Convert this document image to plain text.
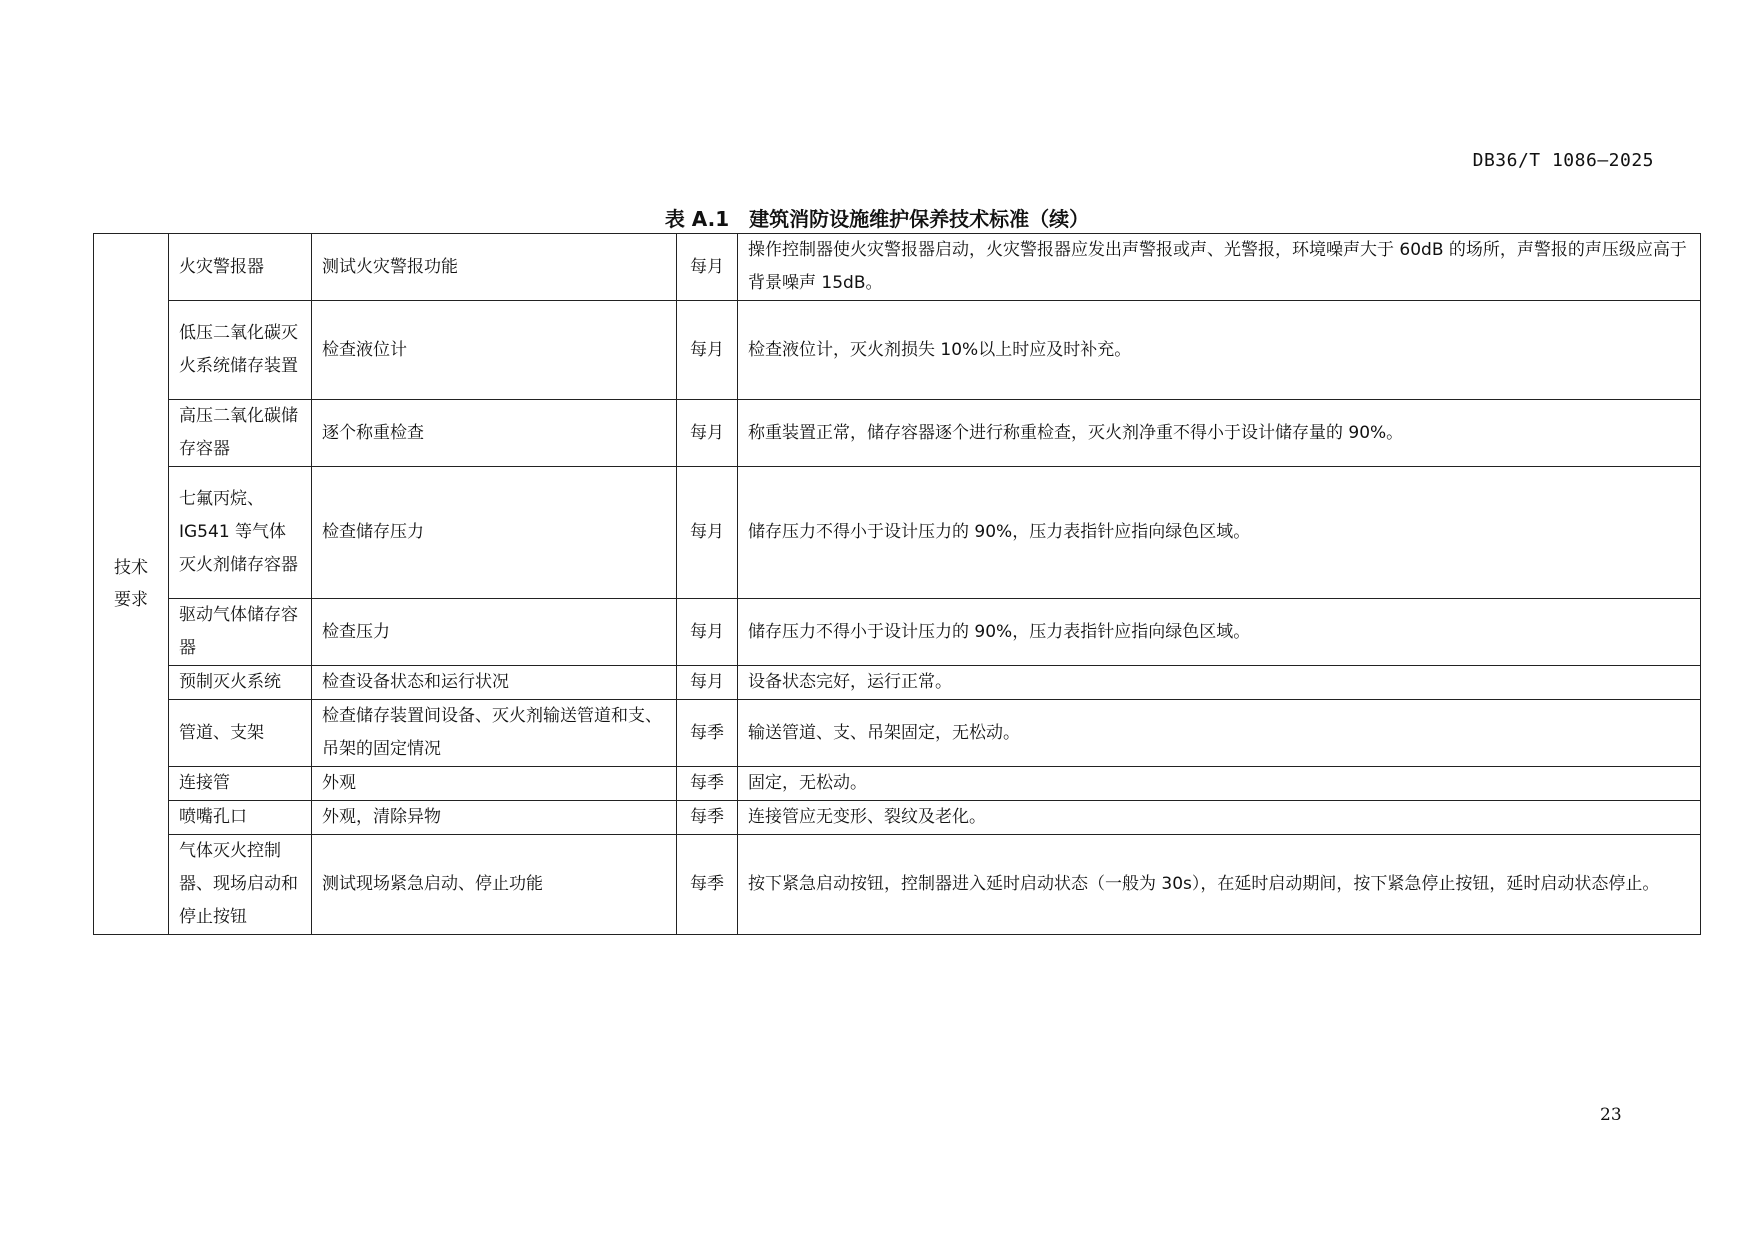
DB36/T 1086—2025
表 A.1　建筑消防设施维护保养技术标准（续）
技术
要求	火灾警报器	测试火灾警报功能	每月	操作控制器使火灾警报器启动，火灾警报器应发出声警报或声、光警报，环境噪声大于 60dB 的场所，声警报的声压级应高于背景噪声 15dB。
	低压二氧化碳灭火系统储存装置	检查液位计	每月	检查液位计，灭火剂损失 10%以上时应及时补充。
	高压二氧化碳储存容器	逐个称重检查	每月	称重装置正常，储存容器逐个进行称重检查，灭火剂净重不得小于设计储存量的 90%。
	七氟丙烷、IG541 等气体灭火剂储存容器	检查储存压力	每月	储存压力不得小于设计压力的 90%，压力表指针应指向绿色区域。
	驱动气体储存容器	检查压力	每月	储存压力不得小于设计压力的 90%，压力表指针应指向绿色区域。
	预制灭火系统	检查设备状态和运行状况	每月	设备状态完好，运行正常。
	管道、支架	检查储存装置间设备、灭火剂输送管道和支、吊架的固定情况	每季	输送管道、支、吊架固定，无松动。
	连接管	外观	每季	固定，无松动。
	喷嘴孔口	外观，清除异物	每季	连接管应无变形、裂纹及老化。
	气体灭火控制器、现场启动和停止按钮	测试现场紧急启动、停止功能	每季	按下紧急启动按钮，控制器进入延时启动状态（一般为 30s），在延时启动期间，按下紧急停止按钮，延时启动状态停止。
23
